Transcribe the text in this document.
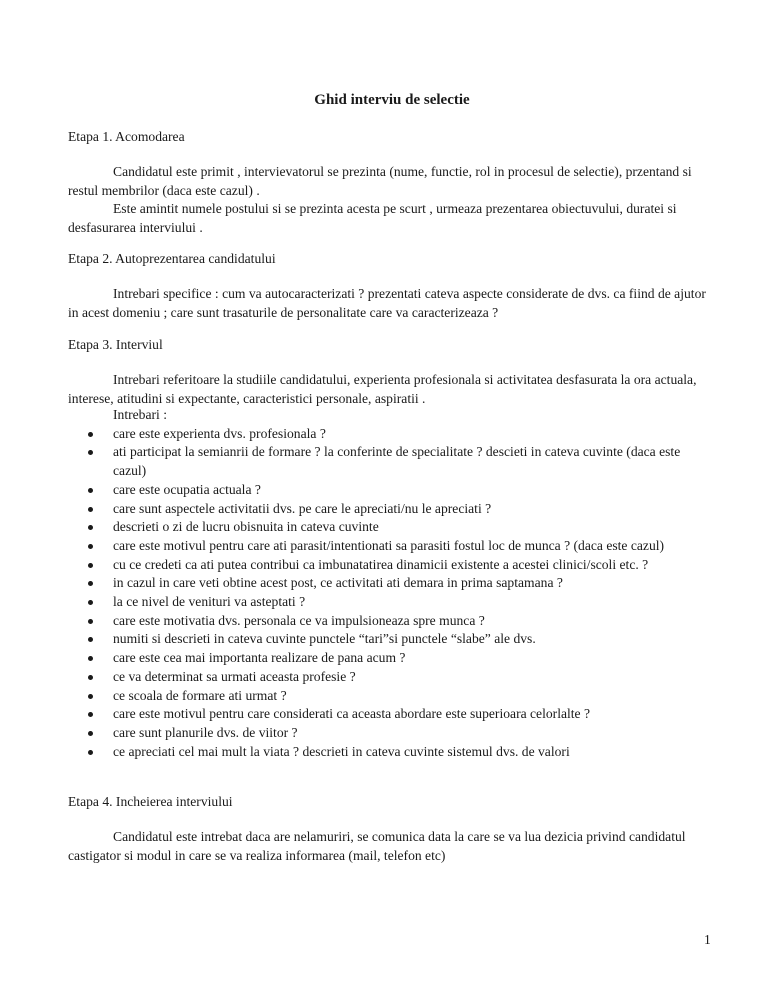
Ghid interviu de selectie
Etapa 1. Acomodarea
Candidatul este primit , intervievatorul se prezinta (nume, functie, rol in procesul de selectie), przentand si restul membrilor (daca este cazul) .
Este amintit numele postului si se prezinta acesta pe scurt , urmeaza prezentarea obiectuvului, duratei si desfasurarea interviului .
Etapa 2. Autoprezentarea candidatului
Intrebari specifice : cum va autocaracterizati ? prezentati cateva aspecte considerate de dvs. ca fiind de ajutor in acest domeniu ; care sunt trasaturile de personalitate care va caracterizeaza ?
Etapa 3. Interviul
Intrebari referitoare la studiile candidatului, experienta profesionala si activitatea desfasurata la ora actuala, interese, atitudini si expectante, caracteristici personale, aspiratii .
Intrebari :
care este experienta dvs. profesionala ?
ati participat la semianrii de formare ? la conferinte de specialitate ? descieti in cateva cuvinte (daca este cazul)
care este ocupatia actuala ?
care sunt aspectele activitatii dvs. pe care le apreciati/nu le apreciati ?
descrieti o zi de lucru obisnuita in cateva cuvinte
care este motivul pentru care ati parasit/intentionati sa parasiti fostul loc de munca ? (daca este cazul)
cu ce credeti ca ati putea contribui ca imbunatatirea dinamicii existente a acestei clinici/scoli etc. ?
in cazul in care veti obtine acest post, ce activitati ati demara in prima saptamana ?
la ce nivel de venituri va asteptati ?
care este motivatia dvs. personala ce va impulsioneaza spre munca ?
numiti si descrieti in cateva cuvinte punctele “tari”si punctele “slabe” ale dvs.
care este cea mai importanta realizare de pana acum ?
ce va determinat sa urmati aceasta profesie ?
ce scoala de formare ati urmat ?
care este motivul pentru care considerati ca aceasta abordare este superioara celorlalte ?
care sunt planurile dvs. de viitor ?
ce apreciati cel mai mult la viata ? descrieti in cateva cuvinte sistemul dvs. de valori
Etapa 4. Incheierea interviului
Candidatul este intrebat daca are nelamuriri, se comunica data la care se va lua dezicia privind candidatul castigator si modul in care se va realiza informarea (mail, telefon etc)
1
